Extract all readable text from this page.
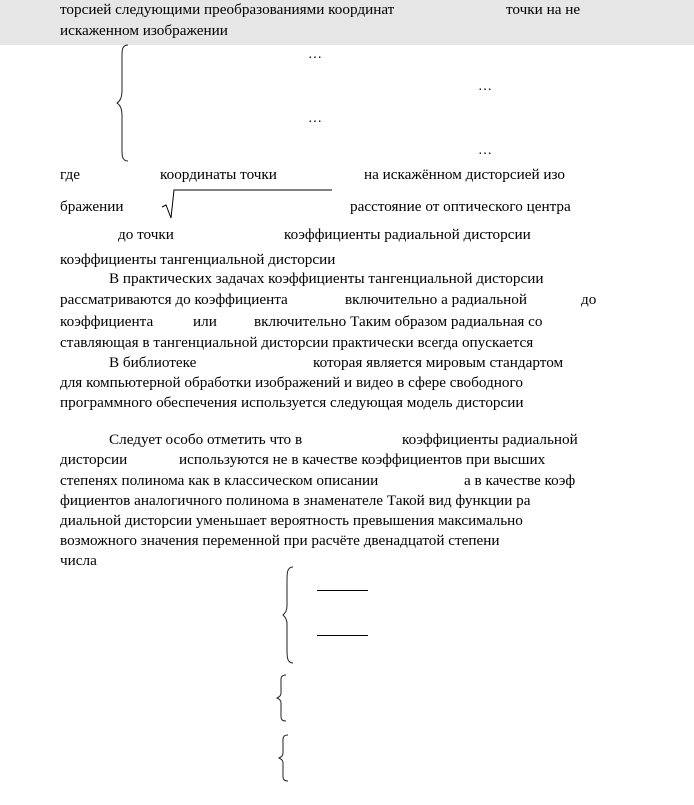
торсией следующими преобразованиями координат	точки на не
искаженном изображении
…
…
…
…
где	координаты точки	на искажённом дисторсией изо
бражении	расстояние от оптического центра
до точки	коэффициенты радиальной дисторсии
коэффициенты тангенциальной дисторсии
В практических задачах коэффициенты тангенциальной дисторсии
рассматриваются до коэффициента	включительно а радиальной	до
коэффициента	или включительно Таким образом радиальная со
ставляющая в тангенциальной дисторсии практически всегда опускается
В библиотеке	которая является мировым стандартом
для компьютерной обработки изображений и видео в сфере свободного
программного обеспечения используется следующая модель дисторсии
Следует особо отметить что в	коэффициенты радиальной
дисторсии	используются не в качестве коэффициентов при высших
степенях полинома как в классическом описании	а в качестве коэф
фициентов аналогичного полинома в знаменателе Такой вид функции ра
диальной дисторсии уменьшает вероятность превышения максимально
возможного значения переменной при расчёте двенадцатой степени
числа
